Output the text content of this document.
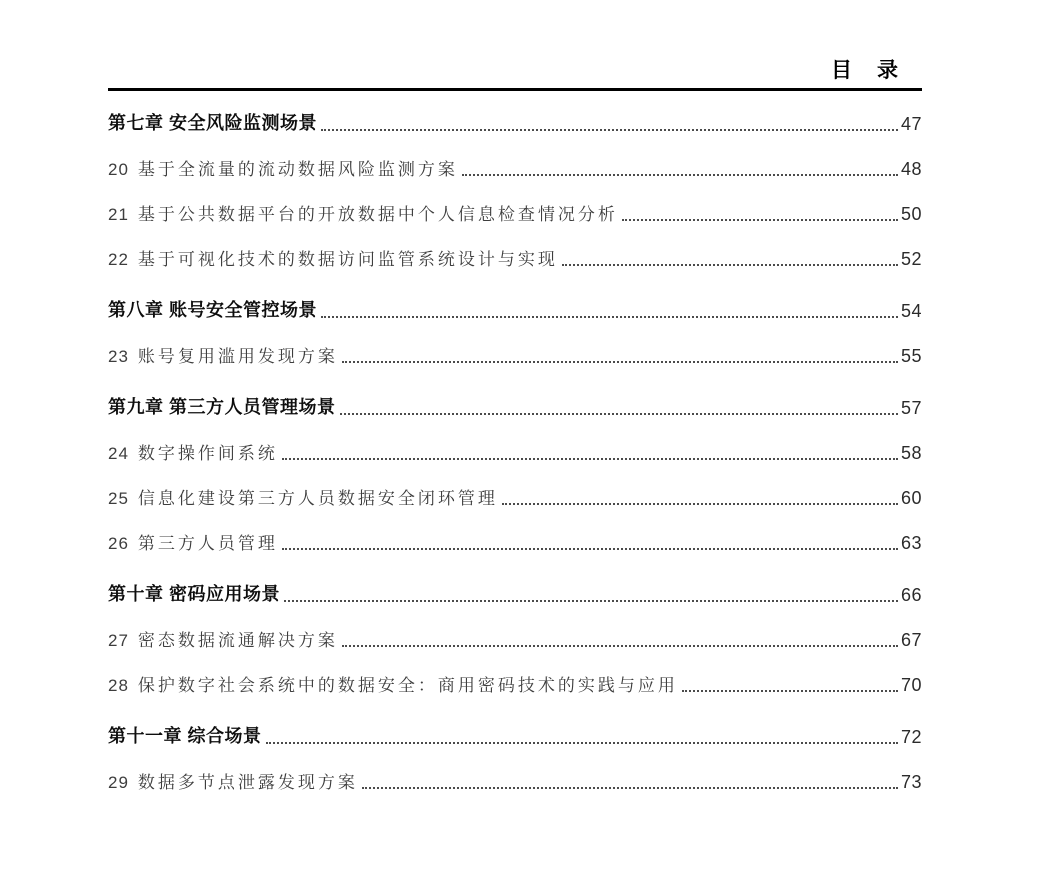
目　录
第七章 安全风险监测场景	47
20 基于全流量的流动数据风险监测方案	48
21 基于公共数据平台的开放数据中个人信息检查情况分析	50
22 基于可视化技术的数据访问监管系统设计与实现	52
第八章 账号安全管控场景	54
23 账号复用滥用发现方案	55
第九章 第三方人员管理场景	57
24 数字操作间系统	58
25 信息化建设第三方人员数据安全闭环管理	60
26 第三方人员管理	63
第十章 密码应用场景	66
27 密态数据流通解决方案	67
28 保护数字社会系统中的数据安全：商用密码技术的实践与应用	70
第十一章 综合场景	72
29 数据多节点泄露发现方案	73
